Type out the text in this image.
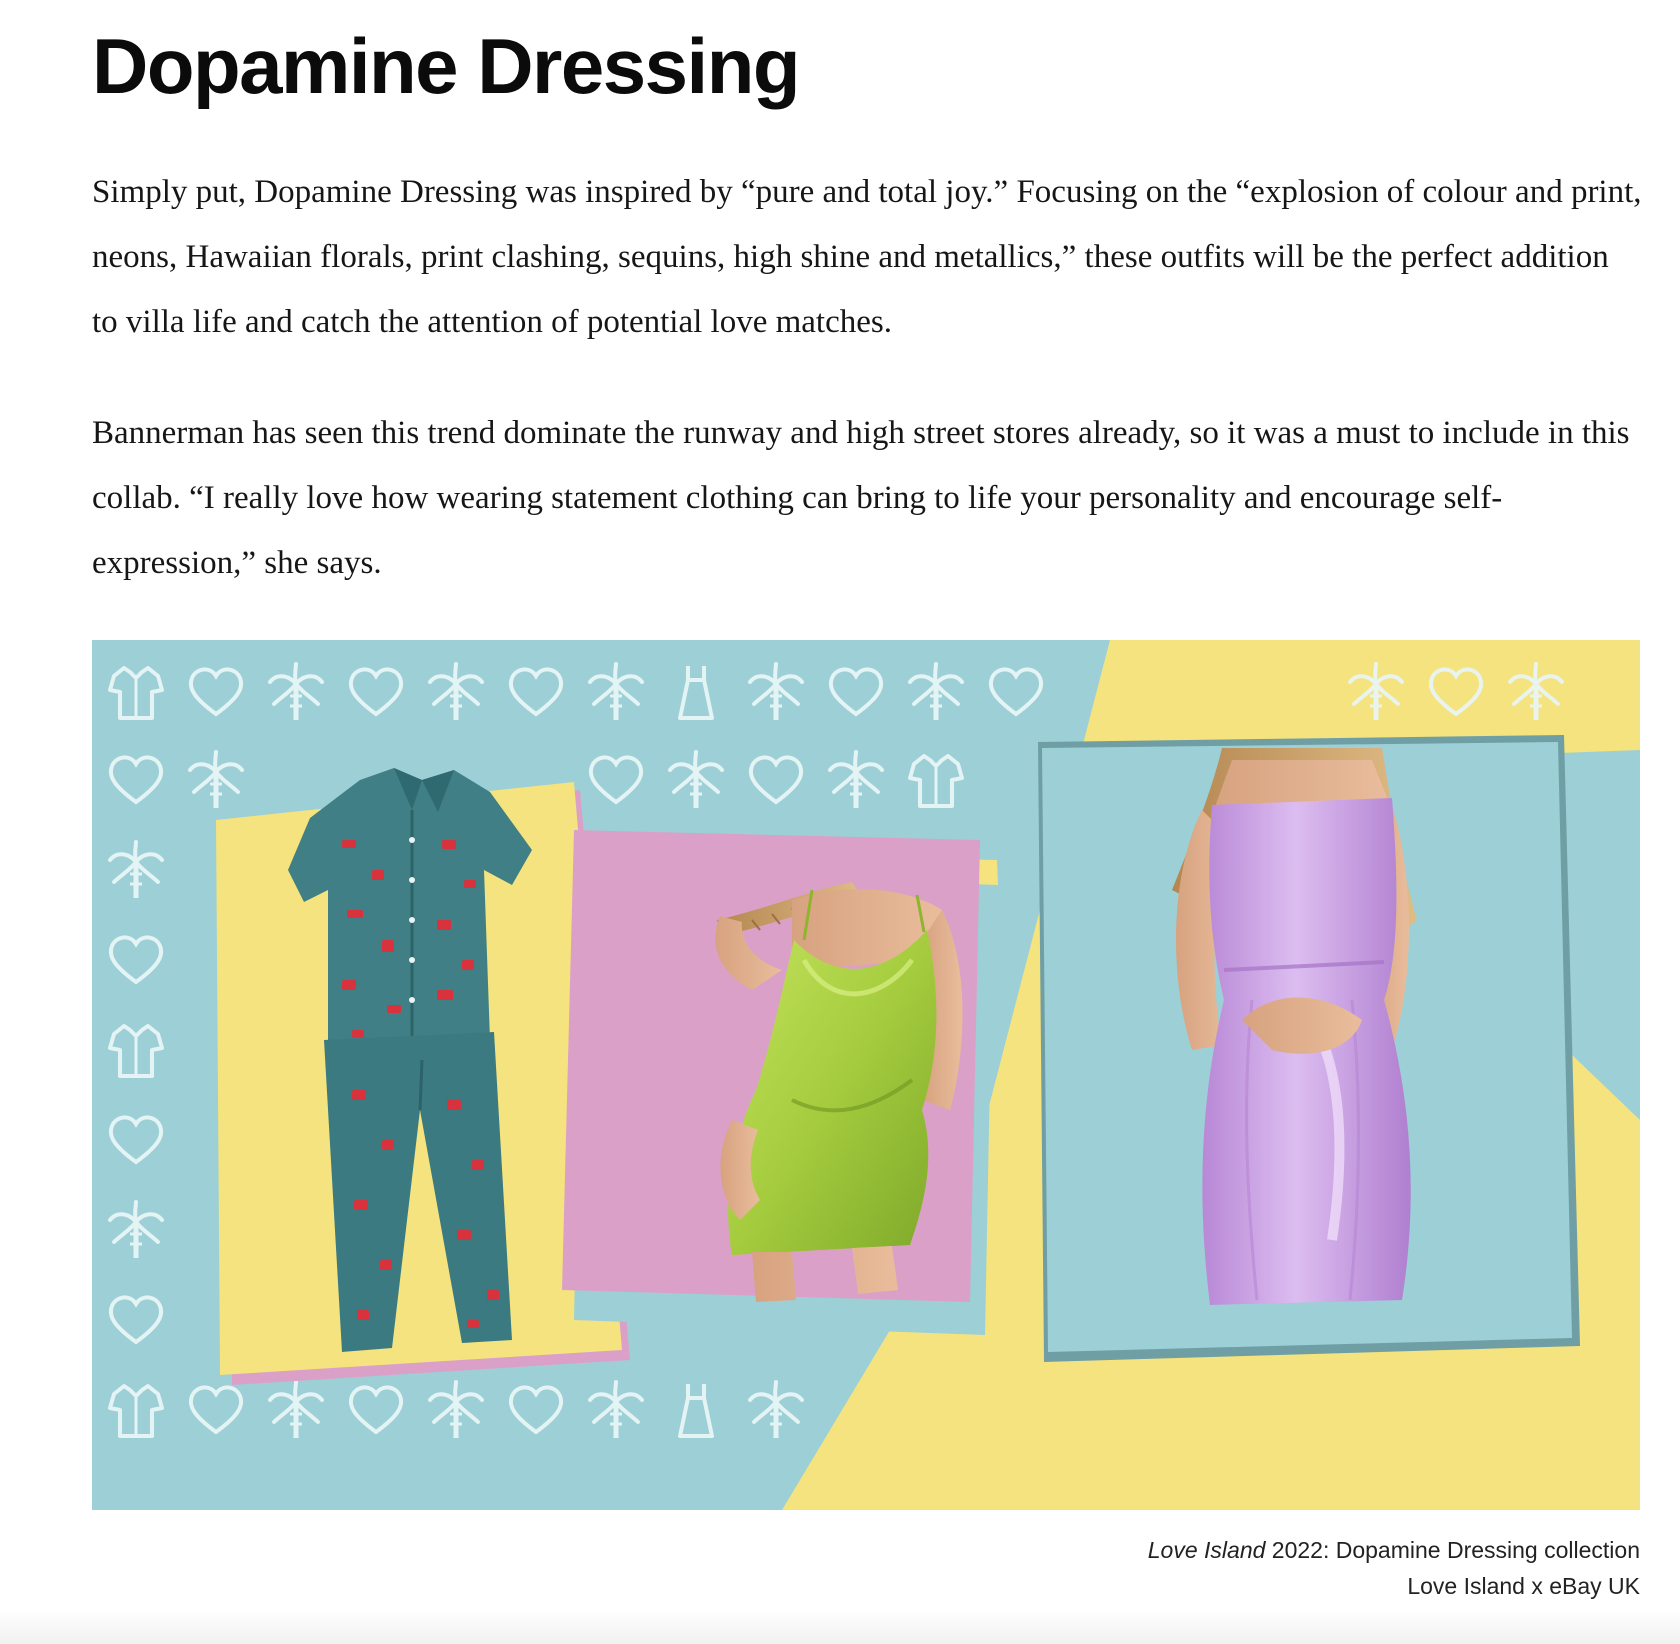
Dopamine Dressing

Simply put, Dopamine Dressing was inspired by “pure and total joy.” Focusing on the “explosion of colour and print, neons, Hawaiian florals, print clashing, sequins, high shine and metallics,” these outfits will be the perfect addition to villa life and catch the attention of potential love matches.

Bannerman has seen this trend dominate the runway and high street stores already, so it was a must to include in this collab. “I really love how wearing statement clothing can bring to life your personality and encourage self-expression,” she says.

Love Island 2022: Dopamine Dressing collection
Love Island x eBay UK
